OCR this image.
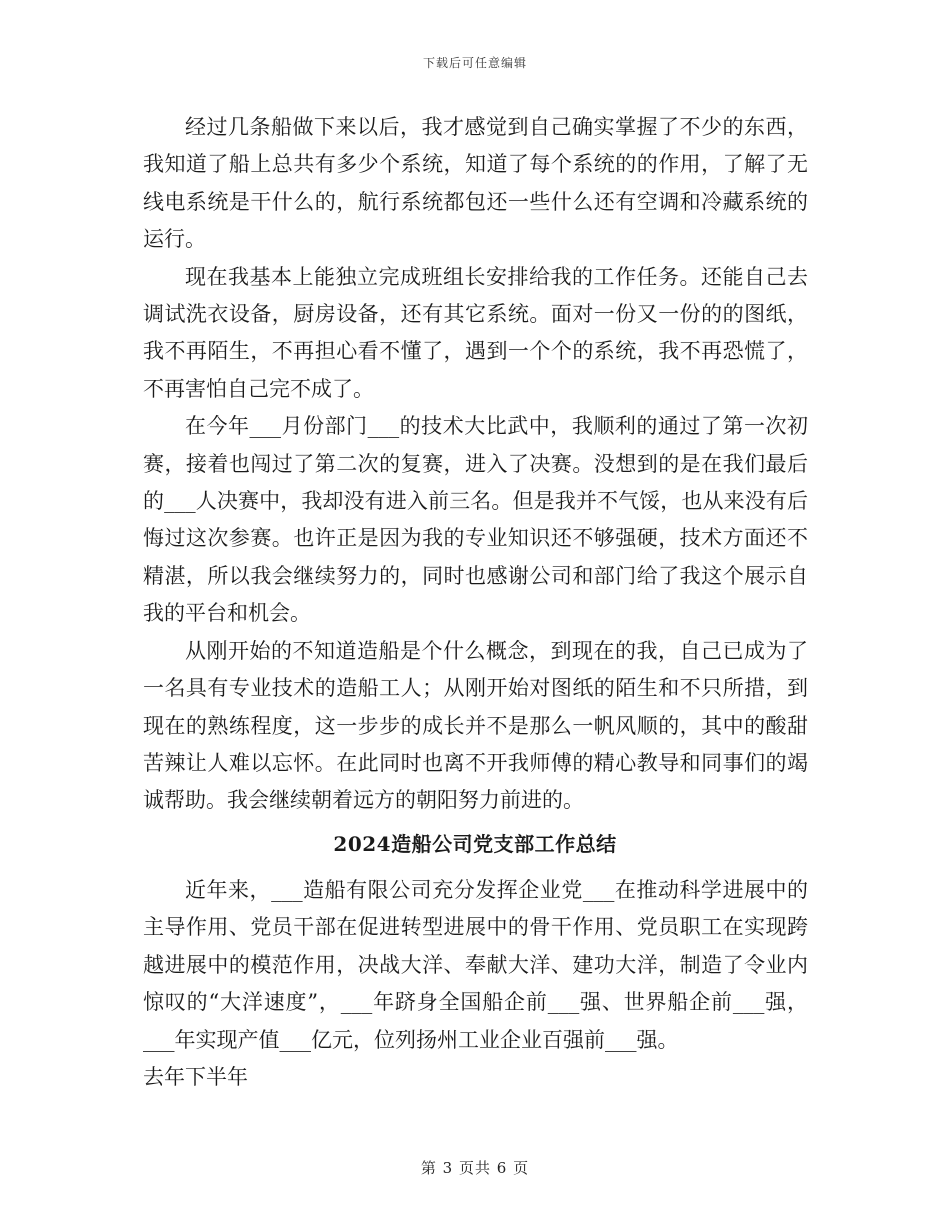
下载后可任意编辑

经过几条船做下来以后，我才感觉到自己确实掌握了不少的东西，我知道了船上总共有多少个系统，知道了每个系统的的作用，了解了无线电系统是干什么的，航行系统都包还一些什么还有空调和冷藏系统的运行。

现在我基本上能独立完成班组长安排给我的工作任务。还能自己去调试洗衣设备，厨房设备，还有其它系统。面对一份又一份的的图纸，我不再陌生，不再担心看不懂了，遇到一个个的系统，我不再恐慌了，不再害怕自己完不成了。

在今年___月份部门___的技术大比武中，我顺利的通过了第一次初赛，接着也闯过了第二次的复赛，进入了决赛。没想到的是在我们最后的___人决赛中，我却没有进入前三名。但是我并不气馁，也从来没有后悔过这次参赛。也许正是因为我的专业知识还不够强硬，技术方面还不精湛，所以我会继续努力的，同时也感谢公司和部门给了我这个展示自我的平台和机会。

从刚开始的不知道造船是个什么概念，到现在的我，自己已成为了一名具有专业技术的造船工人；从刚开始对图纸的陌生和不只所措，到现在的熟练程度，这一步步的成长并不是那么一帆风顺的，其中的酸甜苦辣让人难以忘怀。在此同时也离不开我师傅的精心教导和同事们的竭诚帮助。我会继续朝着远方的朝阳努力前进的。

2024造船公司党支部工作总结

近年来，___造船有限公司充分发挥企业党___在推动科学进展中的主导作用、党员干部在促进转型进展中的骨干作用、党员职工在实现跨越进展中的模范作用，决战大洋、奉献大洋、建功大洋，制造了令业内惊叹的“大洋速度”，___年跻身全国船企前___强、世界船企前___强，___年实现产值___亿元，位列扬州工业企业百强前___强。

去年下半年

第 3 页共 6 页
